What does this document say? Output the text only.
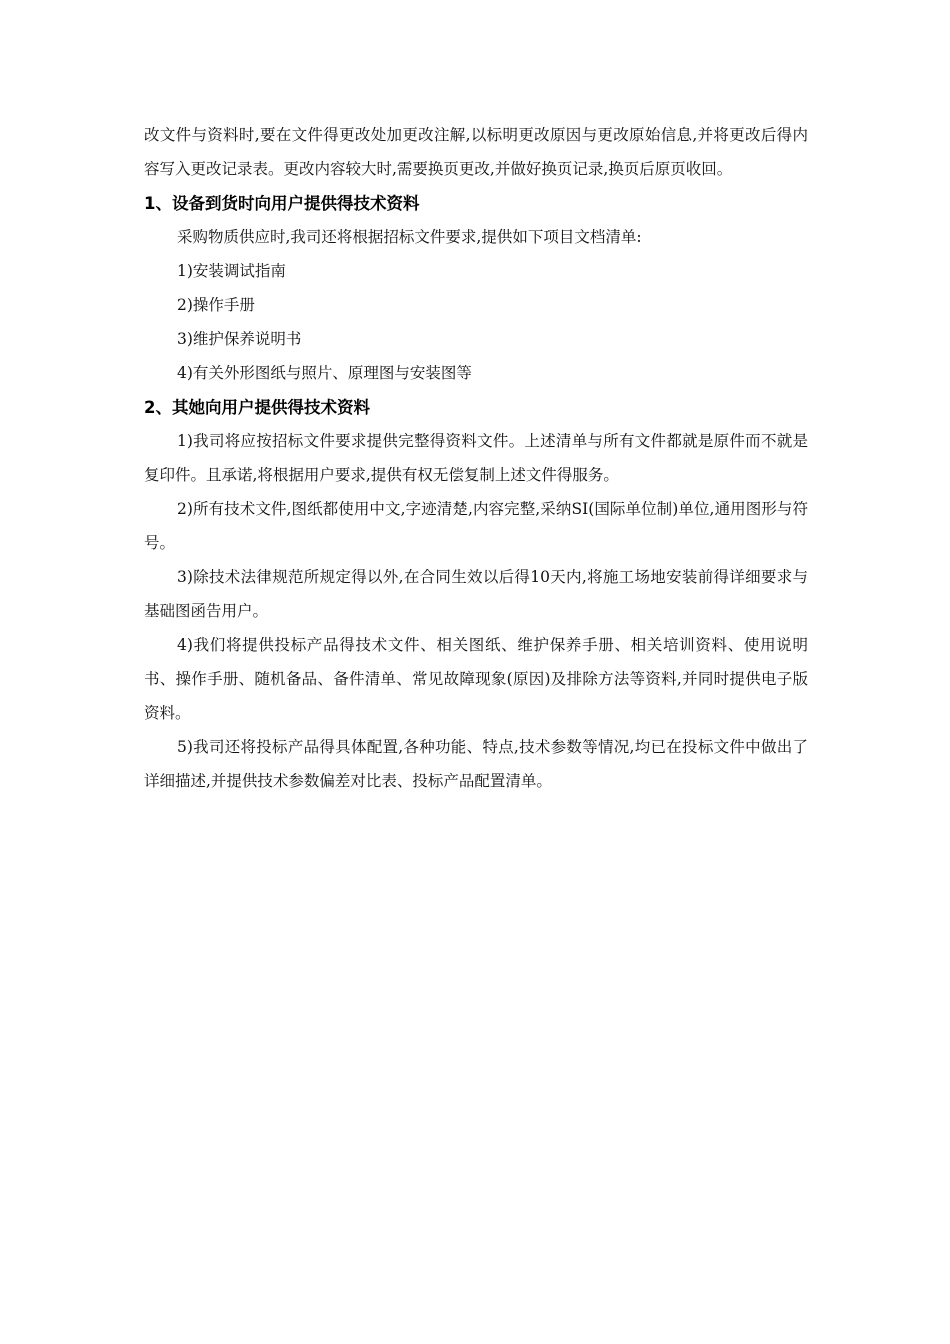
改文件与资料时,要在文件得更改处加更改注解,以标明更改原因与更改原始信息,并将更改后得内容写入更改记录表。更改内容较大时,需要换页更改,并做好换页记录,换页后原页收回。

1、设备到货时向用户提供得技术资料

采购物质供应时,我司还将根据招标文件要求,提供如下项目文档清单:

1)安装调试指南

2)操作手册

3)维护保养说明书

4)有关外形图纸与照片、原理图与安装图等

2、其她向用户提供得技术资料

1)我司将应按招标文件要求提供完整得资料文件。上述清单与所有文件都就是原件而不就是复印件。且承诺,将根据用户要求,提供有权无偿复制上述文件得服务。

2)所有技术文件,图纸都使用中文,字迹清楚,内容完整,采纳SI(国际单位制)单位,通用图形与符号。

3)除技术法律规范所规定得以外,在合同生效以后得10天内,将施工场地安装前得详细要求与基础图函告用户。

4)我们将提供投标产品得技术文件、相关图纸、维护保养手册、相关培训资料、使用说明书、操作手册、随机备品、备件清单、常见故障现象(原因)及排除方法等资料,并同时提供电子版资料。

5)我司还将投标产品得具体配置,各种功能、特点,技术参数等情况,均已在投标文件中做出了详细描述,并提供技术参数偏差对比表、投标产品配置清单。
